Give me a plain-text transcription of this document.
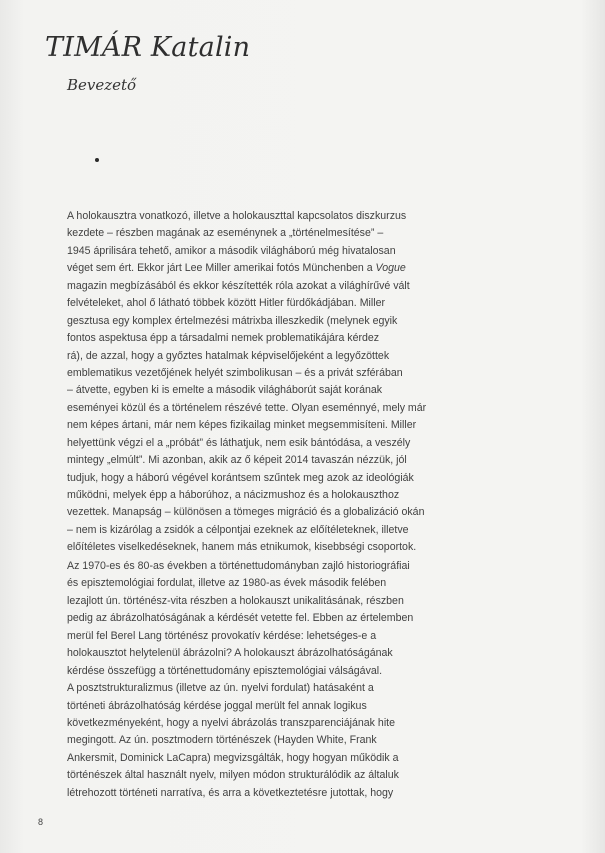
TIMÁR Katalin
Bevezető
A holokausztra vonatkozó, illetve a holokauszttal kapcsolatos diszkurzus
kezdete – részben magának az eseménynek a „történelmesítése” –
1945 áprilisára tehető, amikor a második világháború még hivatalosan
véget sem ért. Ekkor járt Lee Miller amerikai fotós Münchenben a Vogue
magazin megbízásából és ekkor készítették róla azokat a világhírűvé vált
felvételeket, ahol ő látható többek között Hitler fürdőkádjában. Miller
gesztusa egy komplex értelmezési mátrixba illeszkedik (melynek egyik
fontos aspektusa épp a társadalmi nemek problematikájára kérdez
rá), de azzal, hogy a győztes hatalmak képviselőjeként a legyőzöttek
emblematikus vezetőjének helyét szimbolikusan – és a privát szférában
– átvette, egyben ki is emelte a második világháborút saját korának
eseményei közül és a történelem részévé tette. Olyan eseménnyé, mely már
nem képes ártani, már nem képes fizikailag minket megsemmisíteni. Miller
helyettünk végzi el a „próbát” és láthatjuk, nem esik bántódása, a veszély
mintegy „elmúlt”. Mi azonban, akik az ő képeit 2014 tavaszán nézzük, jól
tudjuk, hogy a háború végével korántsem szűntek meg azok az ideológiák
működni, melyek épp a háborúhoz, a nácizmushoz és a holokauszthoz
vezettek. Manapság – különösen a tömeges migráció és a globalizáció okán
– nem is kizárólag a zsidók a célpontjai ezeknek az előítéleteknek, illetve
előítéletes viselkedéseknek, hanem más etnikumok, kisebbségi csoportok.
Az 1970-es és 80-as években a történettudományban zajló historiográfiai
és episztemológiai fordulat, illetve az 1980-as évek második felében
lezajlott ún. történész-vita részben a holokauszt unikalitásának, részben
pedig az ábrázolhatóságának a kérdését vetette fel. Ebben az értelemben
merül fel Berel Lang történész provokatív kérdése: lehetséges-e a
holokausztot helytelenül ábrázolni? A holokauszt ábrázolhatóságának
kérdése összefügg a történettudomány episztemológiai válságával.
A posztstrukturalizmus (illetve az ún. nyelvi fordulat) hatásaként a
történeti ábrázolhatóság kérdése joggal merült fel annak logikus
következményeként, hogy a nyelvi ábrázolás transzparenciájának hite
megingott. Az ún. posztmodern történészek (Hayden White, Frank
Ankersmit, Dominick LaCapra) megvizsgálták, hogy hogyan működik a
történészek által használt nyelv, milyen módon strukturálódik az általuk
létrehozott történeti narratíva, és arra a következtetésre jutottak, hogy
8
